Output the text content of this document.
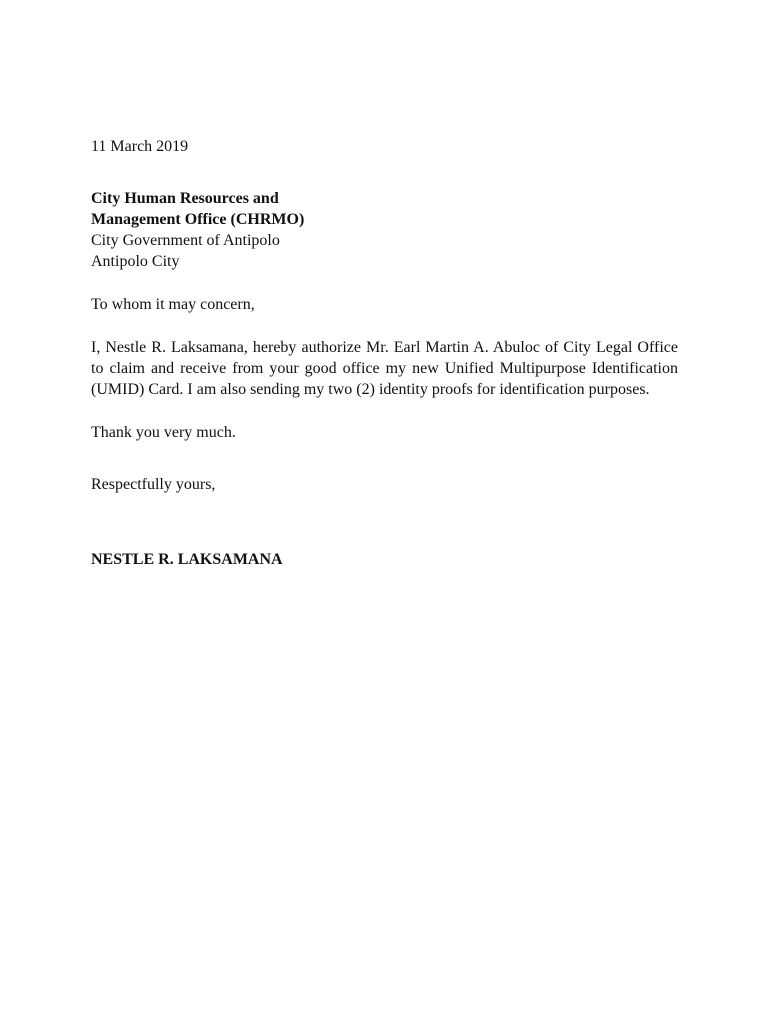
11 March 2019

City Human Resources and
Management Office (CHRMO)
City Government of Antipolo
Antipolo City

To whom it may concern,

I, Nestle R. Laksamana, hereby authorize Mr. Earl Martin A. Abuloc of City Legal Office to claim and receive from your good office my new Unified Multipurpose Identification (UMID) Card. I am also sending my two (2) identity proofs for identification purposes.

Thank you very much.

Respectfully yours,

NESTLE R. LAKSAMANA
